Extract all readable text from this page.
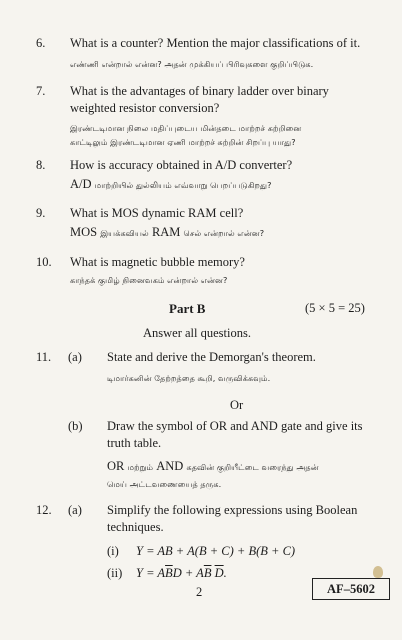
6. What is a counter? Mention the major classifications of it.
எண்ணி என்றால் என்ன? அதன் முக்கியப் பிரிவுகளை குறிப்பிடுக.
7. What is the advantages of binary ladder over binary
weighted resistor conversion?
இரண்டடிமான நிலை மதிப்புடைய மின்தடை மாற்றச் சுற்றினை
காட்டிலும் இரண்டடிமான ஏணி மாற்றச் சுற்றின் சிறப்பு யாது?
8. How is accuracy obtained in A/D converter?
A/D மாற்றியில் துல்லியம் எவ்வாறு பெறப்படுகிறது?
9. What is MOS dynamic RAM cell?
MOS இயக்கவியல் RAM செல் என்றால் என்ன?
10. What is magnetic bubble memory?
காந்தக் குமிழ் நினைவகம் என்றால் என்ன?
Part B	(5 × 5 = 25)
Answer all questions.
11. (a) State and derive the Demorgan's theorem.
டிமார்கனின் தேற்றத்தை கூறி, வருவிக்கவும்.
Or
(b) Draw the symbol of OR and AND gate and give its
truth table.
OR மற்றும் AND கதவின் குறியீட்டை வரைந்து அதன்
மெய் அட்டவணையைத் தருக.
12. (a) Simplify the following expressions using Boolean
techniques.
(i) Y = AB + A(B + C) + B(B + C)
(ii) $Y = A\overline{B}D + A\overline{B}$ $\overline{D}$.
2	AF–5602
